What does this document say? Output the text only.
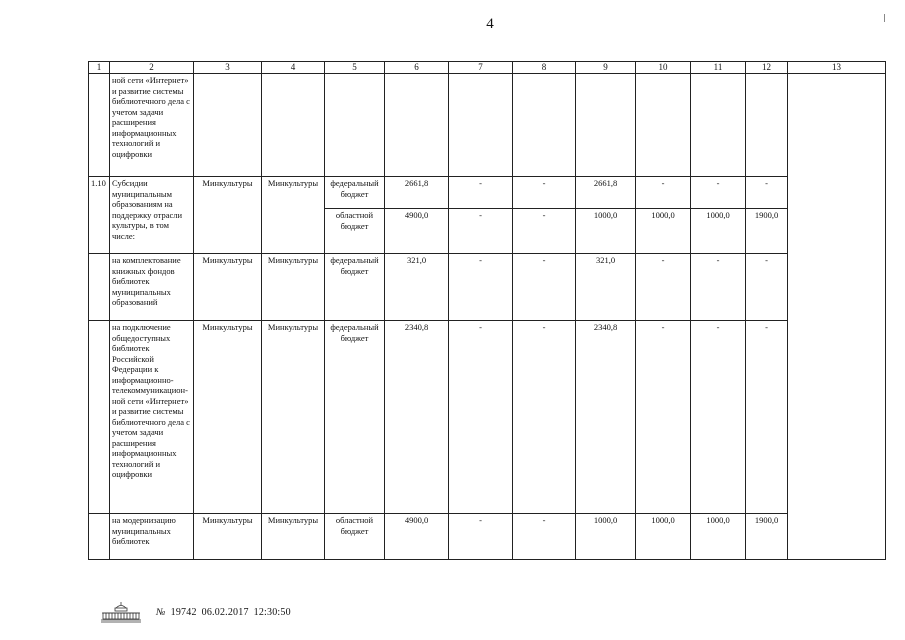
4
1	2	3	4	5	6	7	8	9	10	11	12	13
	ной сети «Интернет» и развитие системы библиотечного дела с учетом задачи расширения информационных технологий и оцифровки											
1.10	Субсидии муниципальным образованиям на поддержку отрасли культуры, в том числе:	Минкультуры	Минкультуры	федеральный бюджет	2661,8	-	-	2661,8	-	-	-	
				областной бюджет	4900,0	-	-	1000,0	1000,0	1000,0	1900,0	
	на комплектование книжных фондов библиотек муниципальных образований	Минкультуры	Минкультуры	федеральный бюджет	321,0	-	-	321,0	-	-	-	
	на подключение общедоступных библиотек Российской Федерации к информационно-телекоммуникацион-ной сети «Интернет» и развитие системы библиотечного дела с учетом задачи расширения информационных технологий и оцифровки	Минкультуры	Минкультуры	федеральный бюджет	2340,8	-	-	2340,8	-	-	-	
	на модернизацию муниципальных библиотек	Минкультуры	Минкультуры	областной бюджет	4900,0	-	-	1000,0	1000,0	1000,0	1900,0	
№ 19742 06.02.2017 12:30:50
